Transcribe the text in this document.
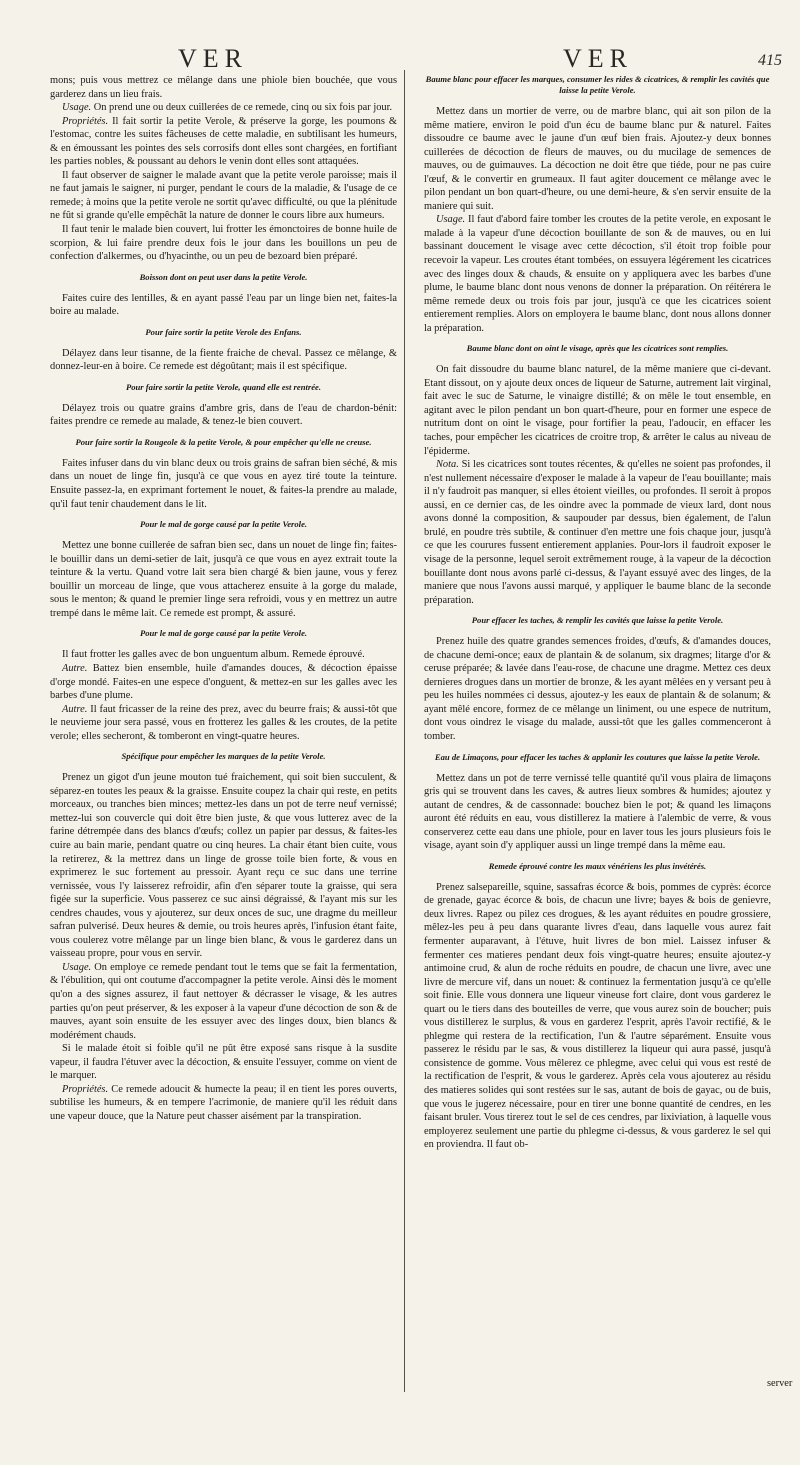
VER	VER	415

mons; puis vous mettrez ce mêlange dans une phiole bien bouchée, que vous garderez dans un lieu frais.

Usage. On prend une ou deux cuillerées de ce remede, cinq ou six fois par jour.

Propriétés. Il fait sortir la petite Verole, & préserve la gorge, les poumons & l'estomac, contre les suites fâcheuses de cette maladie, en subtilisant les humeurs, & en émoussant les pointes des sels corrosifs dont elles sont chargées, en fortifiant les parties nobles, & poussant au dehors le venin dont elles sont attaquées.

Il faut observer de saigner le malade avant que la petite verole paroisse; mais il ne faut jamais le saigner, ni purger, pendant le cours de la maladie, & l'usage de ce remede; à moins que la petite verole ne sortit qu'avec difficulté, ou que la plénitude ne fût si grande qu'elle empêchât la nature de donner le cours libre aux humeurs.

Il faut tenir le malade bien couvert, lui frotter les émonctoires de bonne huile de scorpion, & lui faire prendre deux fois le jour dans les bouillons un peu de confection d'alkermes, ou d'hyacinthe, ou un peu de bezoard bien préparé.

Boisson dont on peut user dans la petite Verole.

Faites cuire des lentilles, & en ayant passé l'eau par un linge bien net, faites-la boire au malade.

Pour faire sortir la petite Verole des Enfans.

Délayez dans leur tisanne, de la fiente fraiche de cheval. Passez ce mêlange, & donnez-leur-en à boire. Ce remede est dégoûtant; mais il est spécifique.

Pour faire sortir la petite Verole, quand elle est rentrée.

Délayez trois ou quatre grains d'ambre gris, dans de l'eau de chardon-bénit: faites prendre ce remede au malade, & tenez-le bien couvert.

Pour faire sortir la Rougeole & la petite Verole, & pour empêcher qu'elle ne creuse.

Faites infuser dans du vin blanc deux ou trois grains de safran bien séché, & mis dans un nouet de linge fin, jusqu'à ce que vous en ayez tiré toute la teinture. Ensuite passez-la, en exprimant fortement le nouet, & faites-la prendre au malade, qu'il faut tenir chaudement dans le lit.

Pour le mal de gorge causé par la petite Verole.

Mettez une bonne cuillerée de safran bien sec, dans un nouet de linge fin; faites-le bouillir dans un demi-setier de lait, jusqu'à ce que vous en ayez extrait toute la teinture & la vertu. Quand votre lait sera bien chargé & bien jaune, vous y ferez bouillir un morceau de linge, que vous attacherez ensuite à la gorge du malade, sous le menton; & quand le premier linge sera refroidi, vous y en mettrez un autre trempé dans le même lait. Ce remede est prompt, & assuré.

Pour le mal de gorge causé par la petite Verole.

Il faut frotter les galles avec de bon unguentum album. Remede éprouvé.

Autre. Battez bien ensemble, huile d'amandes douces, & décoction épaisse d'orge mondé. Faites-en une espece d'onguent, & mettez-en sur les galles avec les barbes d'une plume.

Autre. Il faut fricasser de la reine des prez, avec du beurre frais; & aussi-tôt que le neuvieme jour sera passé, vous en frotterez les galles & les croutes, de la petite verole; elles secheront, & tomberont en vingt-quatre heures.

Spécifique pour empêcher les marques de la petite Verole.

Prenez un gigot d'un jeune mouton tué fraichement, qui soit bien succulent, & séparez-en toutes les peaux & la graisse. Ensuite coupez la chair qui reste, en petits morceaux, ou tranches bien minces; mettez-les dans un pot de terre neuf vernissé; mettez-lui son couvercle qui doit être bien juste, & que vous lutterez avec de la farine détrempée dans des blancs d'œufs; collez un papier par dessus, & faites-les cuire au bain marie, pendant quatre ou cinq heures. La chair étant bien cuite, vous la retirerez, & la mettrez dans un linge de grosse toile bien forte, & vous en exprimerez le suc fortement au pressoir. Ayant reçu ce suc dans une terrine vernissée, vous l'y laisserez refroidir, afin d'en séparer toute la graisse, qui sera figée sur la superficie. Vous passerez ce suc ainsi dégraissé, & l'ayant mis sur les cendres chaudes, vous y ajouterez, sur deux onces de suc, une dragme du meilleur safran pulverisé. Deux heures & demie, ou trois heures après, l'infusion étant faite, vous coulerez votre mêlange par un linge bien blanc, & vous le garderez dans un vaisseau propre, pour vous en servir.

Usage. On employe ce remede pendant tout le tems que se fait la fermentation, & l'ébulition, qui ont coutume d'accompagner la petite verole. Ainsi dès le moment qu'on a des signes assurez, il faut nettoyer & décrasser le visage, & les autres parties qu'on peut préserver, & les exposer à la vapeur d'une décoction de son & de mauves, ayant soin ensuite de les essuyer avec des linges doux, bien blancs & modérément chauds.

Si le malade étoit si foible qu'il ne pût être exposé sans risque à la susdite vapeur, il faudra l'étuver avec la décoction, & ensuite l'essuyer, comme on vient de le marquer.

Propriétés. Ce remede adoucit & humecte la peau; il en tient les pores ouverts, subtilise les humeurs, & en tempere l'acrimonie, de maniere qu'il les réduit dans une vapeur douce, que la Nature peut chasser aisément par la transpiration.

Baume blanc pour effacer les marques, consumer les rides & cicatrices, & remplir les cavités que laisse la petite Verole.

Mettez dans un mortier de verre, ou de marbre blanc, qui ait son pilon de la même matiere, environ le poid d'un écu de baume blanc pur & naturel. Faites dissoudre ce baume avec le jaune d'un œuf bien frais. Ajoutez-y deux bonnes cuillerées de décoction de fleurs de mauves, ou du mucilage de semences de mauves, ou de guimauves. La décoction ne doit être que tiéde, pour ne pas cuire l'œuf, & le convertir en grumeaux. Il faut agiter doucement ce mêlange avec le pilon pendant un bon quart-d'heure, ou une demi-heure, & s'en servir ensuite de la maniere qui suit.

Usage. Il faut d'abord faire tomber les croutes de la petite verole, en exposant le malade à la vapeur d'une décoction bouillante de son & de mauves, ou en lui bassinant doucement le visage avec cette décoction, s'il étoit trop foible pour recevoir la vapeur. Les croutes étant tombées, on essuyera légérement les cicatrices avec des linges doux & chauds, & ensuite on y appliquera avec les barbes d'une plume, le baume blanc dont nous venons de donner la préparation. On réitérera le même remede deux ou trois fois par jour, jusqu'à ce que les cicatrices soient entierement remplies. Alors on employera le baume blanc, dont nous allons donner la préparation.

Baume blanc dont on oint le visage, après que les cicatrices sont remplies.

On fait dissoudre du baume blanc naturel, de la même maniere que ci-devant. Etant dissout, on y ajoute deux onces de liqueur de Saturne, autrement lait virginal, fait avec le suc de Saturne, le vinaigre distillé; & on mêle le tout ensemble, en agitant avec le pilon pendant un bon quart-d'heure, pour en former une espece de nutritum dont on oint le visage, pour fortifier la peau, l'adoucir, en effacer les taches, pour empêcher les cicatrices de croitre trop, & arrêter le calus au niveau de l'épiderme.

Nota. Si les cicatrices sont toutes récentes, & qu'elles ne soient pas profondes, il n'est nullement nécessaire d'exposer le malade à la vapeur de l'eau bouillante; mais il n'y faudroit pas manquer, si elles étoient vieilles, ou profondes. Il seroit à propos aussi, en ce dernier cas, de les oindre avec la pommade de vieux lard, dont nous avons donné la composition, & saupouder par dessus, bien également, de l'alun brulé, en poudre très subtile, & continuer d'en mettre une fois chaque jour, jusqu'à ce que les courures fussent entierement applanies. Pour-lors il faudroit exposer le visage de la personne, lequel seroit extrêmement rouge, à la vapeur de la décoction bouillante dont nous avons parlé ci-dessus, & l'ayant essuyé avec des linges, de la maniere que nous l'avons aussi marqué, y appliquer le baume blanc de la seconde préparation.

Pour effacer les taches, & remplir les cavités que laisse la petite Verole.

Prenez huile des quatre grandes semences froides, d'œufs, & d'amandes douces, de chacune demi-once; eaux de plantain & de solanum, six dragmes; litarge d'or & ceruse préparée; & lavée dans l'eau-rose, de chacune une dragme. Mettez ces deux dernieres drogues dans un mortier de bronze, & les ayant mêlées en y versant peu à peu les huiles nommées ci dessus, ajoutez-y les eaux de plantain & de solanum; & ayant mêlé encore, formez de ce mêlange un liniment, ou une espece de nutritum, dont vous oindrez le visage du malade, aussi-tôt que les galles commenceront à tomber.

Eau de Limaçons, pour effacer les taches & applanir les coutures que laisse la petite Verole.

Mettez dans un pot de terre vernissé telle quantité qu'il vous plaira de limaçons gris qui se trouvent dans les caves, & autres lieux sombres & humides; ajoutez y autant de cendres, & de cassonnade: bouchez bien le pot; & quand les limaçons auront été réduits en eau, vous distillerez la matiere à l'alembic de verre, & vous conserverez cette eau dans une phiole, pour en laver tous les jours plusieurs fois le visage, ayant soin d'y appliquer aussi un linge trempé dans la même eau.

Remede éprouvé contre les maux vénériens les plus invétérés.

Prenez salsepareille, squine, sassafras écorce & bois, pommes de cyprès: écorce de grenade, gayac écorce & bois, de chacun une livre; bayes & bois de genievre, deux livres. Rapez ou pilez ces drogues, & les ayant réduites en poudre grossiere, mêlez-les peu à peu dans quarante livres d'eau, dans laquelle vous aurez fait fermenter auparavant, à l'étuve, huit livres de bon miel. Laissez infuser & fermenter ces matieres pendant deux fois vingt-quatre heures; ensuite ajoutez-y antimoine crud, & alun de roche réduits en poudre, de chacun une livre, avec une livre de mercure vif, dans un nouet: & continuez la fermentation jusqu'à ce qu'elle soit finie. Elle vous donnera une liqueur vineuse fort claire, dont vous garderez le quart ou le tiers dans des bouteilles de verre, que vous aurez soin de boucher; puis vous distillerez le surplus, & vous en garderez l'esprit, après l'avoir rectifié, & le phlegme qui restera de la rectification, l'un & l'autre séparément. Ensuite vous passerez le résidu par le sas, & vous distillerez la liqueur qui aura passé, jusqu'à consistence de gomme. Vous mêlerez ce phlegme, avec celui qui vous est resté de la rectification de l'esprit, & vous le garderez. Après cela vous ajouterez au résidu des matieres solides qui sont restées sur le sas, autant de bois de gayac, ou de buis, que vous le jugerez nécessaire, pour en tirer une bonne quantité de cendres, en les faisant bruler. Vous tirerez tout le sel de ces cendres, par lixiviation, à laquelle vous employerez seulement une partie du phlegme ci-dessus, & vous garderez le sel qui en proviendra. Il faut ob-

server
